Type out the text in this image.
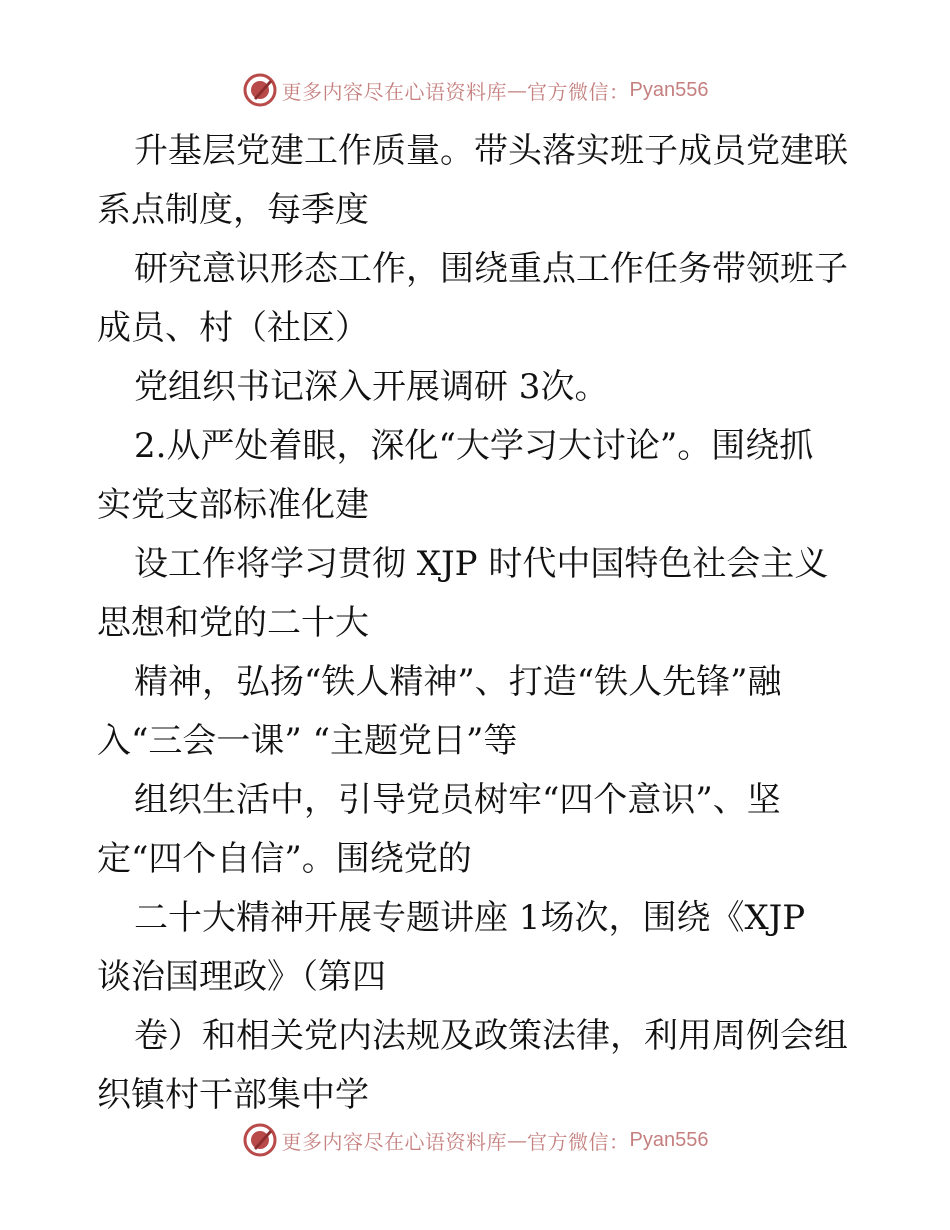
更多内容尽在心语资料库 — 官方微信： Pyan556
升基层党建工作质量。带头落实班子成员党建联
系点制度，每季度
研究意识形态工作，围绕重点工作任务带领班子
成员、村（社区）
党组织书记深入开展调研 3次。
2.从严处着眼，深化“大学习大讨论”。围绕抓
实党支部标准化建
设工作将学习贯彻 XJP 时代中国特色社会主义
思想和党的二十大
精神，弘扬“铁人精神”、打造“铁人先锋”融
入“三会一课” “主题党日”等
组织生活中，引导党员树牢“四个意识”、坚
定“四个自信”。围绕党的
二十大精神开展专题讲座 1场次，围绕《XJP
谈治国理政》（第四
卷）和相关党内法规及政策法律，利用周例会组
织镇村干部集中学
更多内容尽在心语资料库 — 官方微信： Pyan556
